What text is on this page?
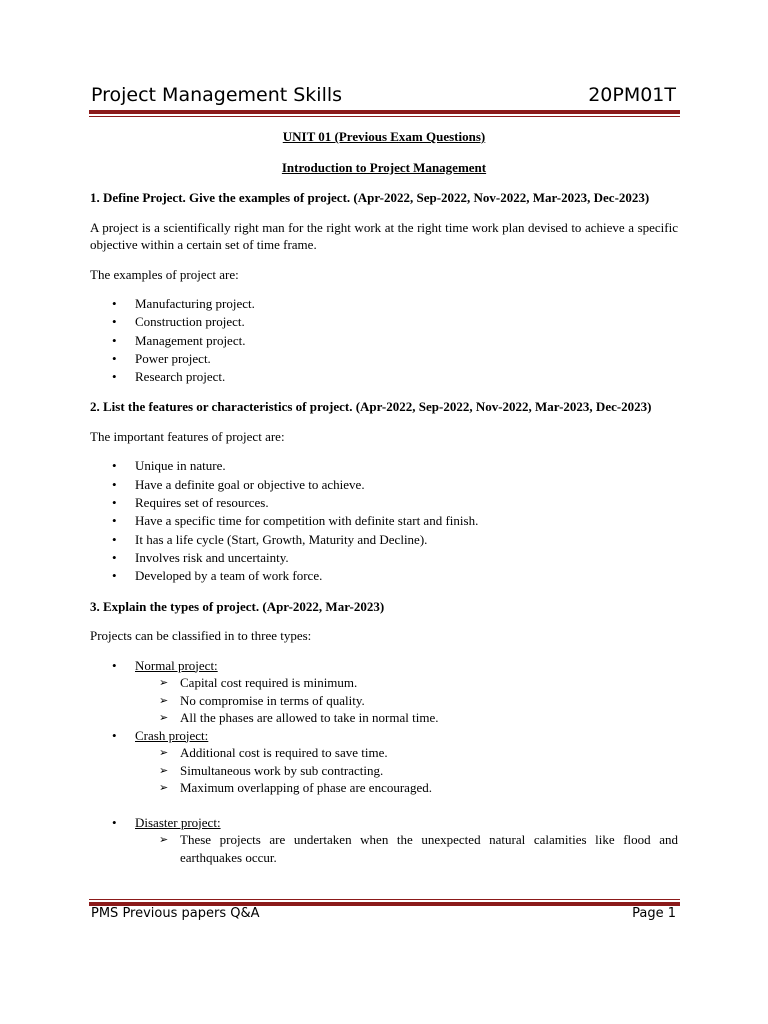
Project Management Skills	20PM01T

UNIT 01 (Previous Exam Questions)

Introduction to Project Management

1. Define Project. Give the examples of project. (Apr-2022, Sep-2022, Nov-2022, Mar-2023, Dec-2023)

A project is a scientifically right man for the right work at the right time work plan devised to achieve a specific objective within a certain set of time frame.

The examples of project are:

• Manufacturing project.
• Construction project.
• Management project.
• Power project.
• Research project.

2. List the features or characteristics of project. (Apr-2022, Sep-2022, Nov-2022, Mar-2023, Dec-2023)

The important features of project are:

• Unique in nature.
• Have a definite goal or objective to achieve.
• Requires set of resources.
• Have a specific time for competition with definite start and finish.
• It has a life cycle (Start, Growth, Maturity and Decline).
• Involves risk and uncertainty.
• Developed by a team of work force.

3. Explain the types of project. (Apr-2022, Mar-2023)

Projects can be classified in to three types:

• Normal project:
➢ Capital cost required is minimum.
➢ No compromise in terms of quality.
➢ All the phases are allowed to take in normal time.
• Crash project:
➢ Additional cost is required to save time.
➢ Simultaneous work by sub contracting.
➢ Maximum overlapping of phase are encouraged.
• Disaster project:
➢ These projects are undertaken when the unexpected natural calamities like flood and earthquakes occur.
PMS Previous papers Q&A	Page 1
